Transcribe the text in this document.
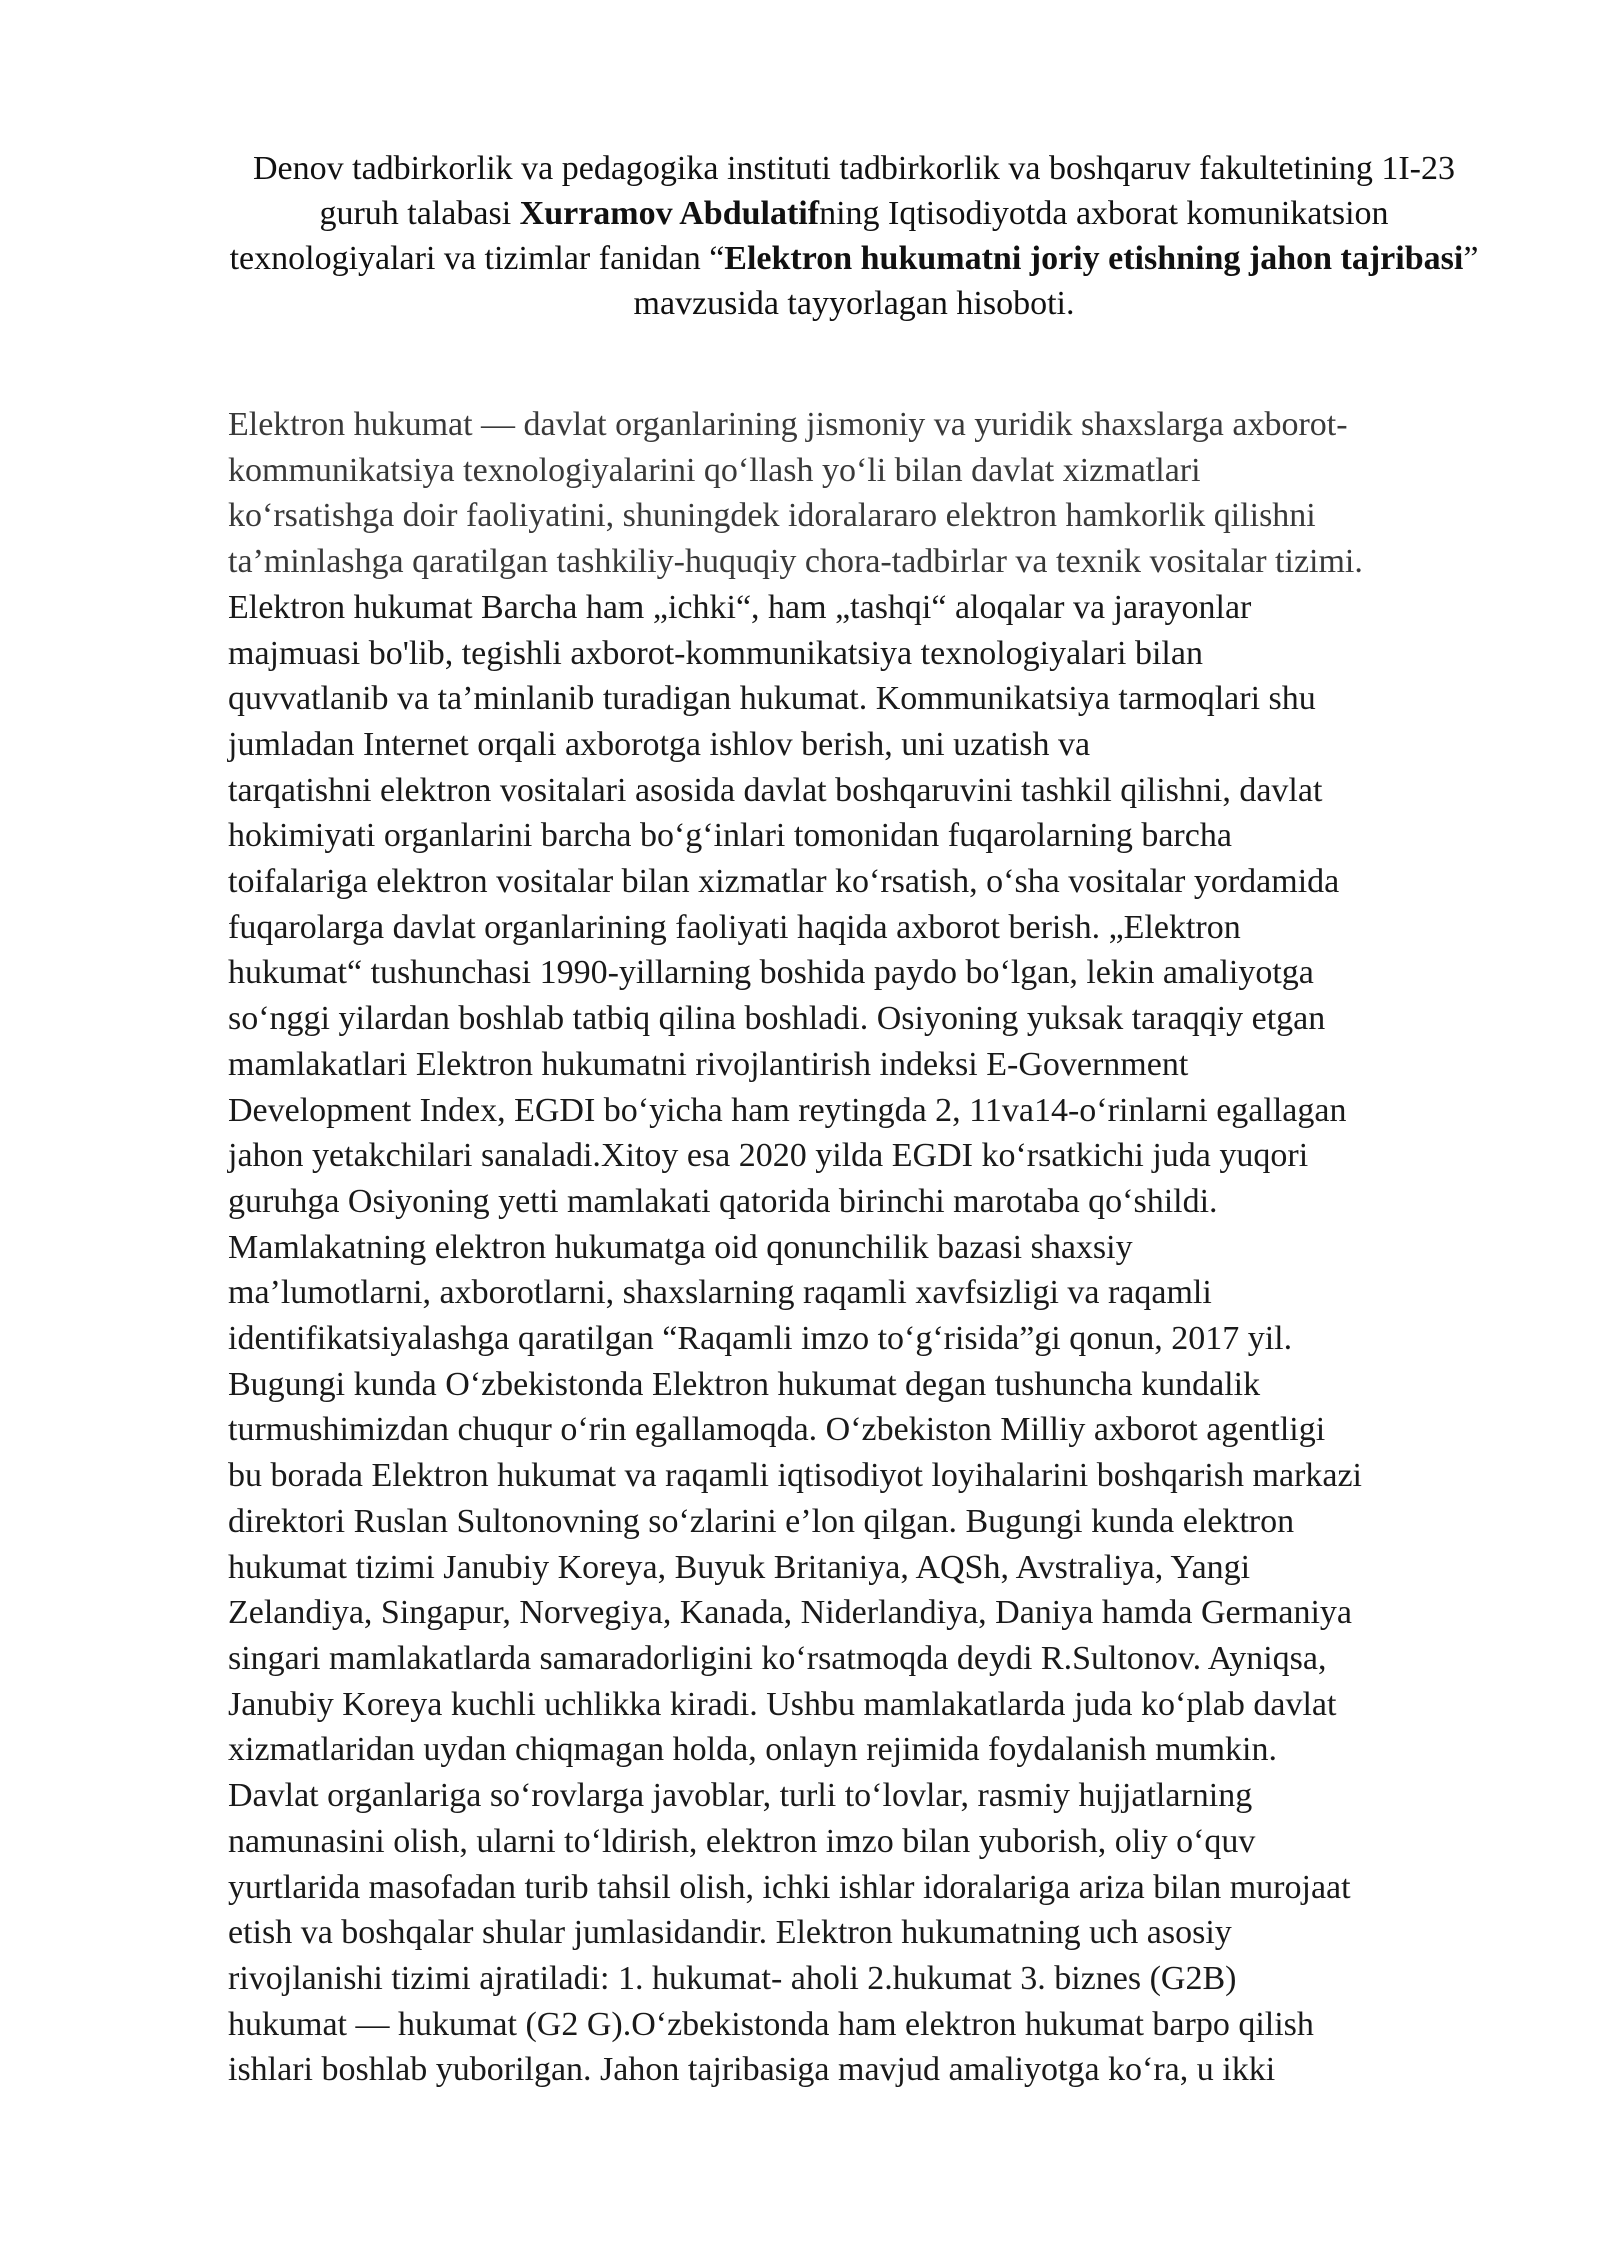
Denov tadbirkorlik va pedagogika instituti tadbirkorlik va boshqaruv fakultetining 1I-23 guruh talabasi Xurramov Abdulatifning Iqtisodiyotda axborat komunikatsion texnologiyalari va tizimlar fanidan “Elektron hukumatni joriy etishning jahon tajribasi” mavzusida tayyorlagan hisoboti.
Elektron hukumat — davlat organlarining jismoniy va yuridik shaxslarga axborot-
kommunikatsiya texnologiyalarini qo‘llash yo‘li bilan davlat xizmatlari
ko‘rsatishga doir faoliyatini, shuningdek idoralararo elektron hamkorlik qilishni
ta’minlashga qaratilgan tashkiliy-huquqiy chora-tadbirlar va texnik vositalar tizimi.
Elektron hukumat Barcha ham „ichki“, ham „tashqi“ aloqalar va jarayonlar
majmuasi bo'lib, tegishli axborot-kommunikatsiya texnologiyalari bilan
quvvatlanib va ta’minlanib turadigan hukumat. Kommunikatsiya tarmoqlari shu
jumladan Internet orqali axborotga ishlov berish, uni uzatish va
tarqatishni elektron vositalari asosida davlat boshqaruvini tashkil qilishni, davlat
hokimiyati organlarini barcha bo‘g‘inlari tomonidan fuqarolarning barcha
toifalariga elektron vositalar bilan xizmatlar ko‘rsatish, o‘sha vositalar yordamida
fuqarolarga davlat organlarining faoliyati haqida axborot berish. „Elektron
hukumat“ tushunchasi 1990-yillarning boshida paydo bo‘lgan, lekin amaliyotga
so‘nggi yilardan boshlab tatbiq qilina boshladi. Osiyoning yuksak taraqqiy etgan
mamlakatlari Elektron hukumatni rivojlantirish indeksi E-Government
Development Index, EGDI bo‘yicha ham reytingda 2, 11va14-o‘rinlarni egallagan
jahon yetakchilari sanaladi.Xitoy esa 2020 yilda EGDI ko‘rsatkichi juda yuqori
guruhga Osiyoning yetti mamlakati qatorida birinchi marotaba qo‘shildi.
Mamlakatning elektron hukumatga oid qonunchilik bazasi shaxsiy
ma’lumotlarni, axborotlarni, shaxslarning raqamli xavfsizligi va raqamli
identifikatsiyalashga qaratilgan “Raqamli imzo to‘g‘risida”gi qonun, 2017 yil.
Bugungi kunda O‘zbekistonda Elektron hukumat degan tushuncha kundalik
turmushimizdan chuqur o‘rin egallamoqda. O‘zbekiston Milliy axborot agentligi
bu borada Elektron hukumat va raqamli iqtisodiyot loyihalarini boshqarish markazi
direktori Ruslan Sultonovning so‘zlarini e’lon qilgan. Bugungi kunda elektron
hukumat tizimi Janubiy Koreya, Buyuk Britaniya, AQSh, Avstraliya, Yangi
Zelandiya, Singapur, Norvegiya, Kanada, Niderlandiya, Daniya hamda Germaniya
singari mamlakatlarda samaradorligini ko‘rsatmoqda deydi R.Sultonov. Ayniqsa,
Janubiy Koreya kuchli uchlikka kiradi. Ushbu mamlakatlarda juda ko‘plab davlat
xizmatlaridan uydan chiqmagan holda, onlayn rejimida foydalanish mumkin.
Davlat organlariga so‘rovlarga javoblar, turli to‘lovlar, rasmiy hujjatlarning
namunasini olish, ularni to‘ldirish, elektron imzo bilan yuborish, oliy o‘quv
yurtlarida masofadan turib tahsil olish, ichki ishlar idoralariga ariza bilan murojaat
etish va boshqalar shular jumlasidandir. Elektron hukumatning uch asosiy
rivojlanishi tizimi ajratiladi: 1. hukumat- aholi 2.hukumat 3. biznes (G2B)
hukumat — hukumat (G2 G).O‘zbekistonda ham elektron hukumat barpo qilish
ishlari boshlab yuborilgan. Jahon tajribasiga mavjud amaliyotga ko‘ra, u ikki
